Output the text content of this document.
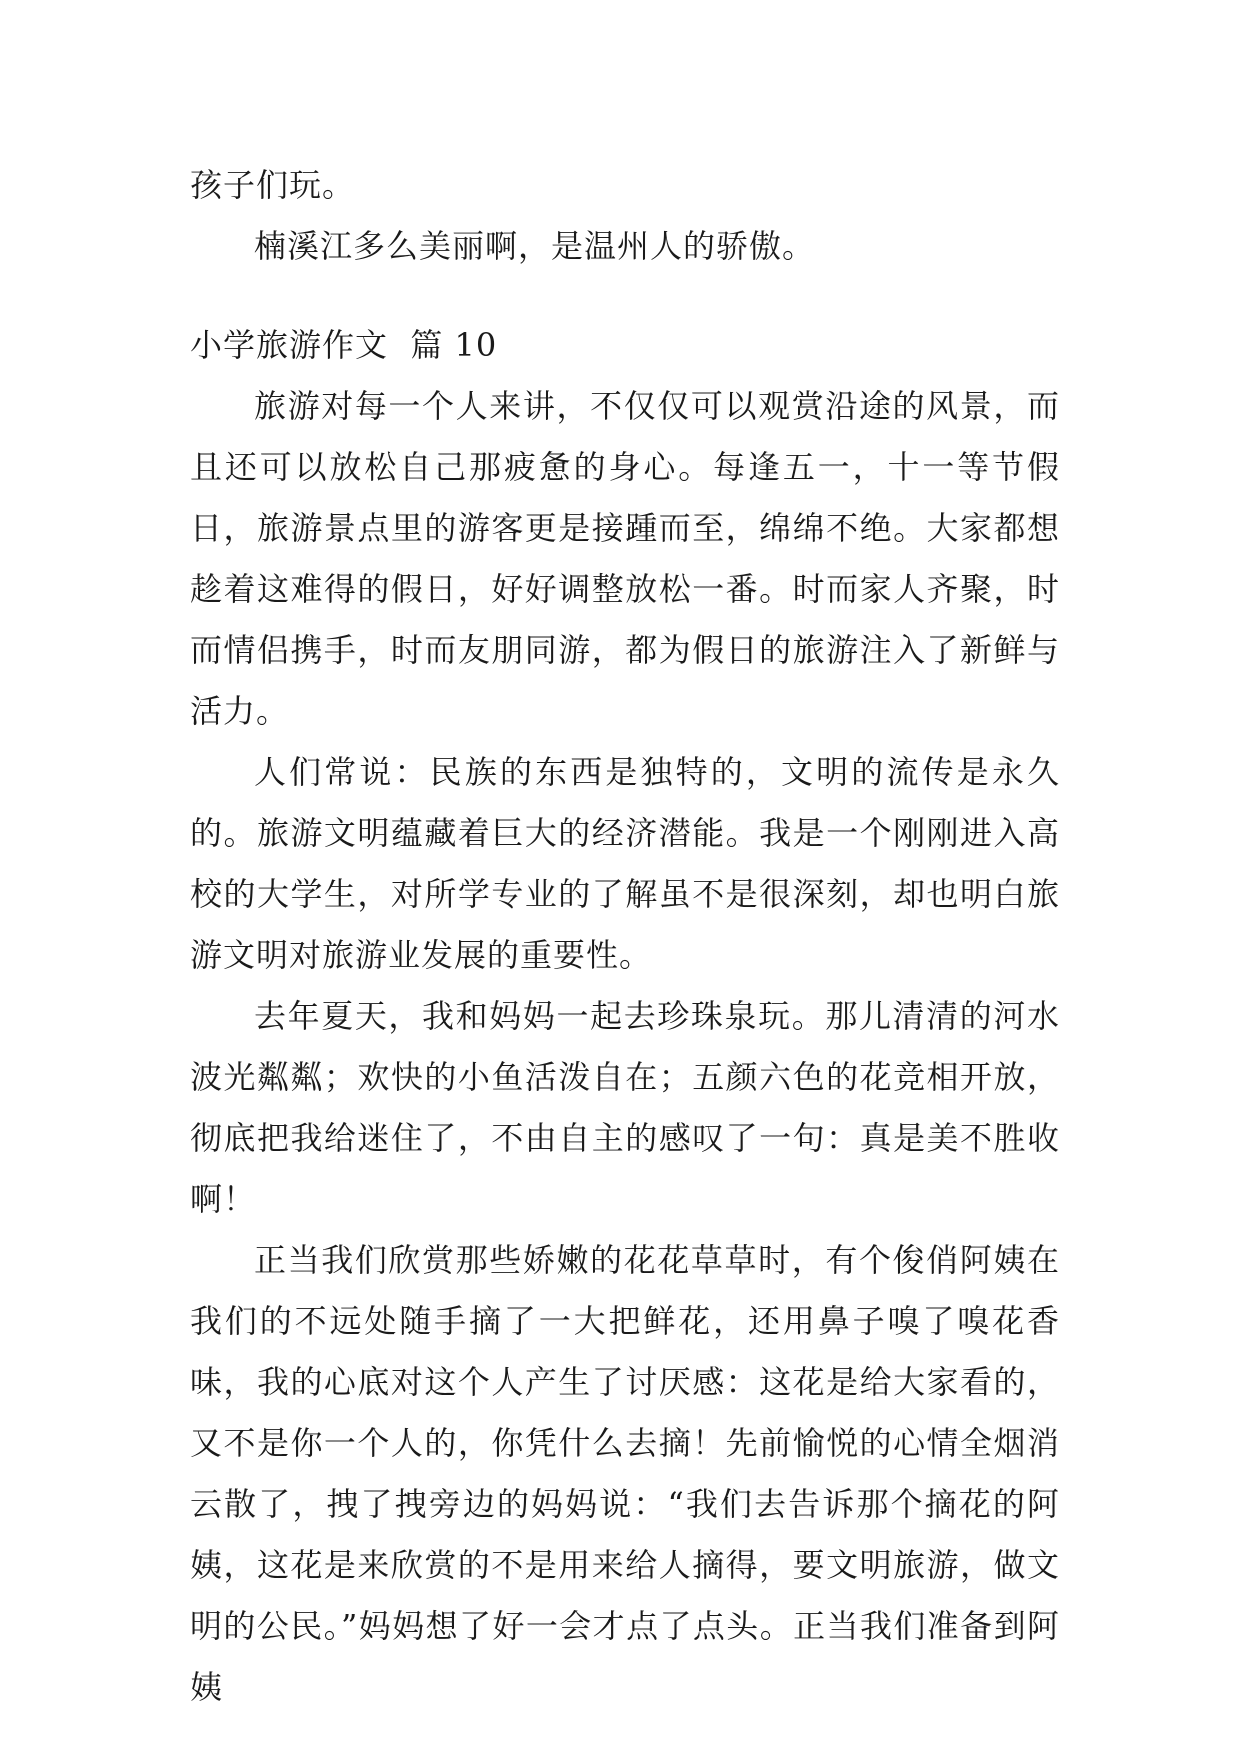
孩子们玩。

楠溪江多么美丽啊，是温州人的骄傲。

小学旅游作文  篇 10

旅游对每一个人来讲，不仅仅可以观赏沿途的风景，而且还可以放松自己那疲惫的身心。每逢五一，十一等节假日，旅游景点里的游客更是接踵而至，绵绵不绝。大家都想趁着这难得的假日，好好调整放松一番。时而家人齐聚，时而情侣携手，时而友朋同游，都为假日的旅游注入了新鲜与活力。

人们常说：民族的东西是独特的，文明的流传是永久的。旅游文明蕴藏着巨大的经济潜能。我是一个刚刚进入高校的大学生，对所学专业的了解虽不是很深刻，却也明白旅游文明对旅游业发展的重要性。

去年夏天，我和妈妈一起去珍珠泉玩。那儿清清的河水波光粼粼；欢快的小鱼活泼自在；五颜六色的花竞相开放，彻底把我给迷住了，不由自主的感叹了一句：真是美不胜收啊！

正当我们欣赏那些娇嫩的花花草草时，有个俊俏阿姨在我们的不远处随手摘了一大把鲜花，还用鼻子嗅了嗅花香味，我的心底对这个人产生了讨厌感：这花是给大家看的，又不是你一个人的，你凭什么去摘！先前愉悦的心情全烟消云散了，拽了拽旁边的妈妈说：“我们去告诉那个摘花的阿姨，这花是来欣赏的不是用来给人摘得，要文明旅游，做文明的公民。”妈妈想了好一会才点了点头。正当我们准备到阿姨
